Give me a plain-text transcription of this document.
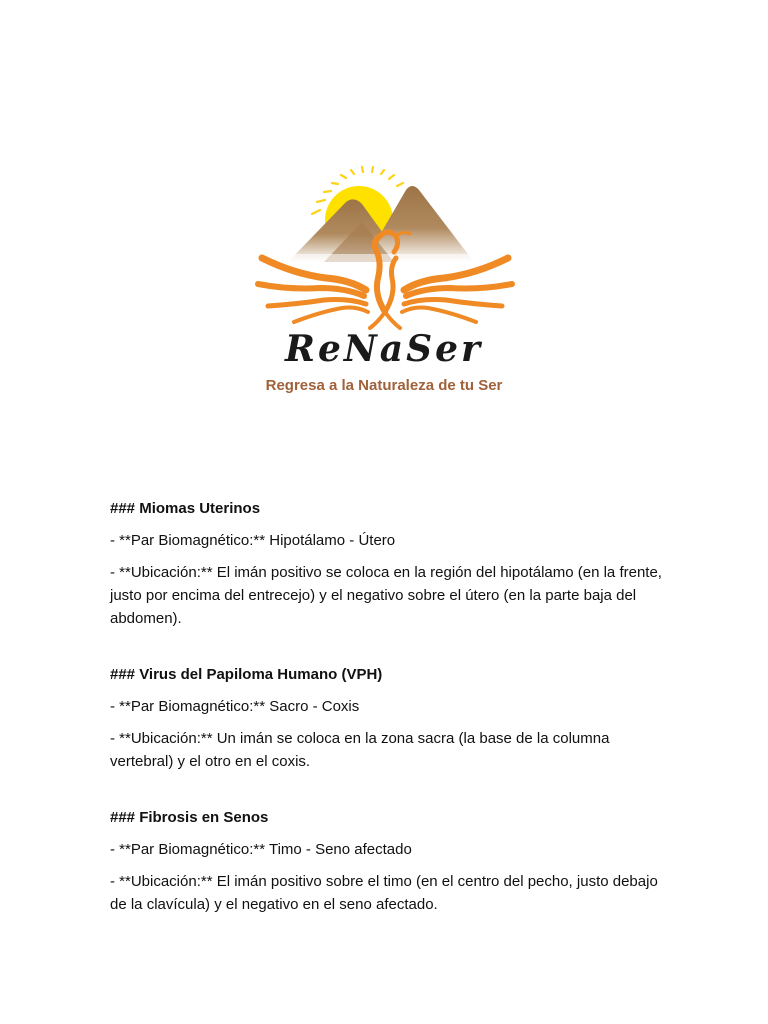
ReNaSer
Regresa a la Naturaleza de tu Ser

### Miomas Uterinos

- **Par Biomagnético:** Hipotálamo - Útero

- **Ubicación:** El imán positivo se coloca en la región del hipotálamo (en la frente, justo por encima del entrecejo) y el negativo sobre el útero (en la parte baja del abdomen).

### Virus del Papiloma Humano (VPH)

- **Par Biomagnético:** Sacro - Coxis

- **Ubicación:** Un imán se coloca en la zona sacra (la base de la columna vertebral) y el otro en el coxis.

### Fibrosis en Senos

- **Par Biomagnético:** Timo - Seno afectado

- **Ubicación:** El imán positivo sobre el timo (en el centro del pecho, justo debajo de la clavícula) y el negativo en el seno afectado.
